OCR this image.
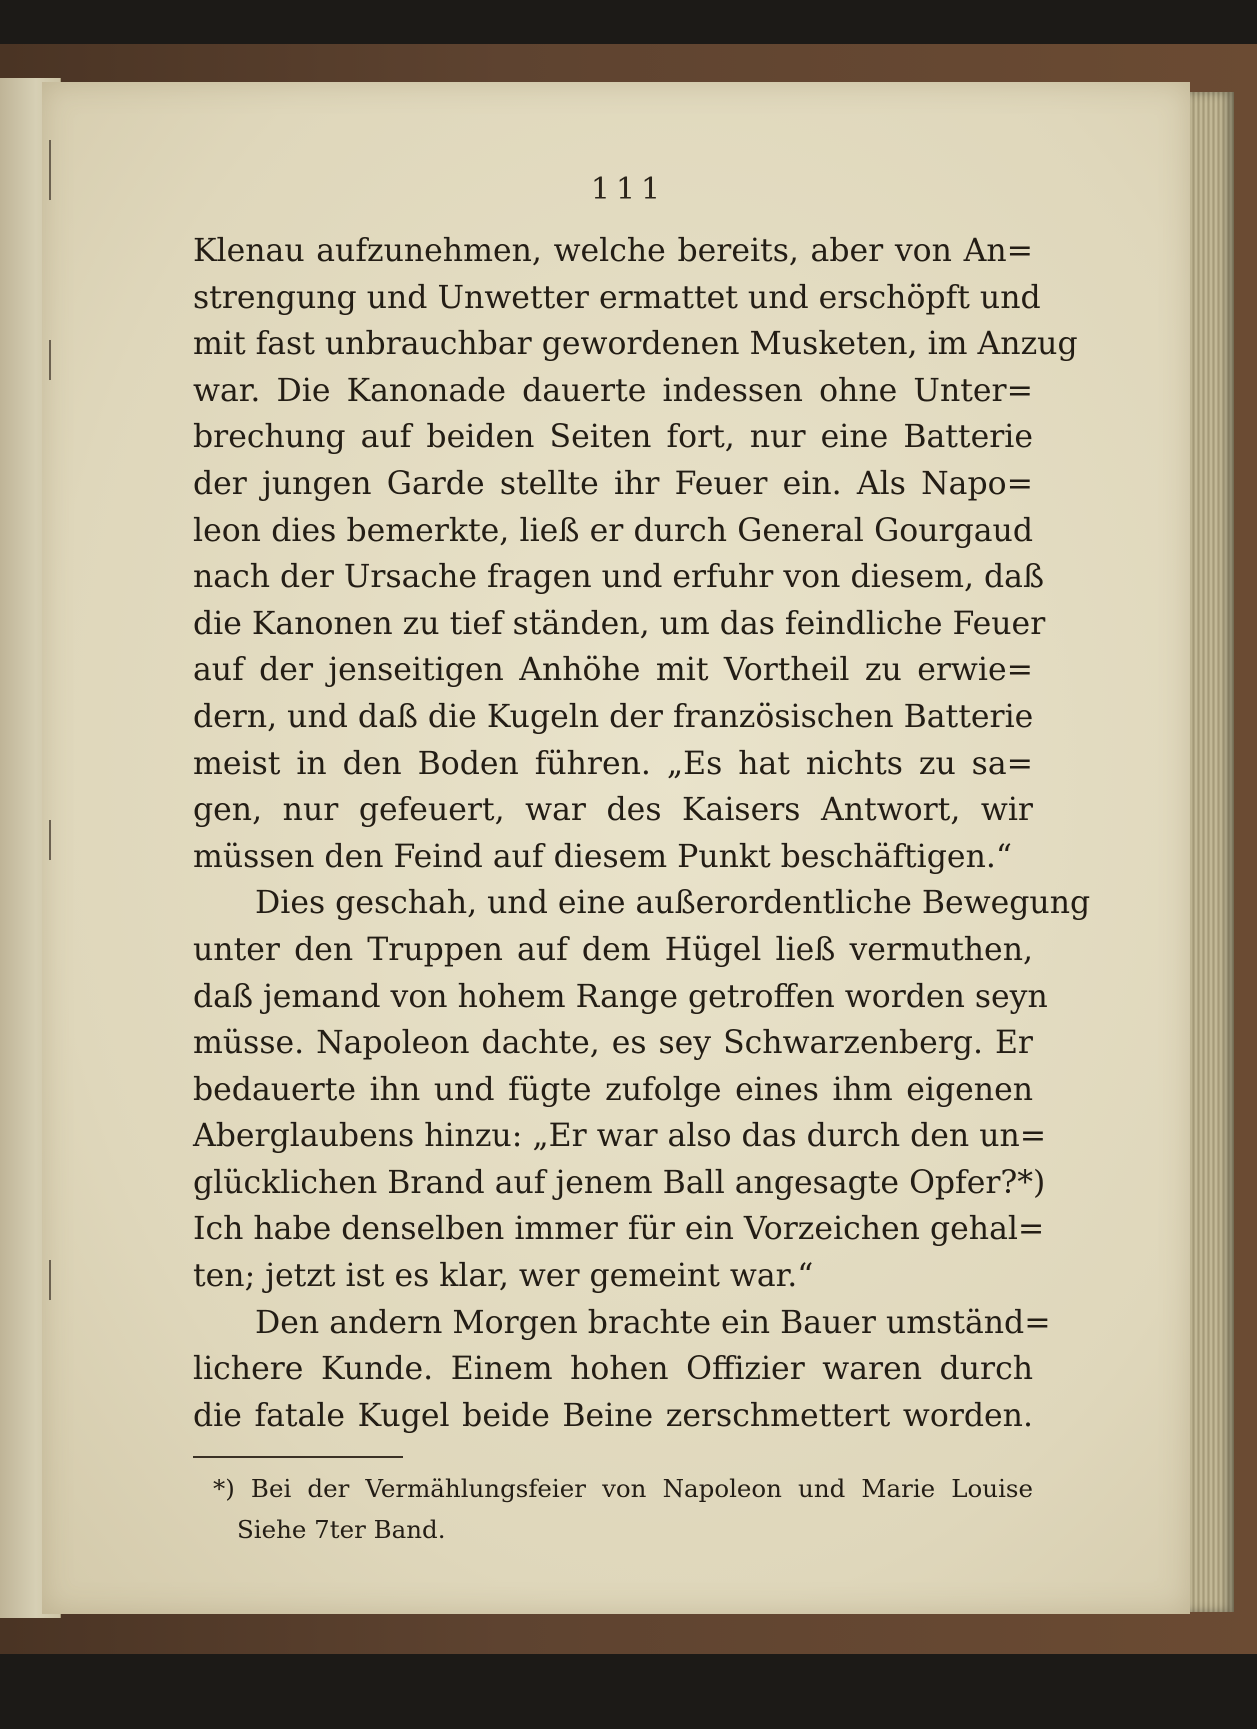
111
Klenau aufzunehmen, welche bereits, aber von An=
strengung und Unwetter ermattet und erschöpft und
mit fast unbrauchbar gewordenen Musketen, im Anzug
war. Die Kanonade dauerte indessen ohne Unter=
brechung auf beiden Seiten fort, nur eine Batterie
der jungen Garde stellte ihr Feuer ein. Als Napo=
leon dies bemerkte, ließ er durch General Gourgaud
nach der Ursache fragen und erfuhr von diesem, daß
die Kanonen zu tief ständen, um das feindliche Feuer
auf der jenseitigen Anhöhe mit Vortheil zu erwie=
dern, und daß die Kugeln der französischen Batterie
meist in den Boden führen. „Es hat nichts zu sa=
gen, nur gefeuert, war des Kaisers Antwort, wir
müssen den Feind auf diesem Punkt beschäftigen.“
Dies geschah, und eine außerordentliche Bewegung
unter den Truppen auf dem Hügel ließ vermuthen,
daß jemand von hohem Range getroffen worden seyn
müsse. Napoleon dachte, es sey Schwarzenberg. Er
bedauerte ihn und fügte zufolge eines ihm eigenen
Aberglaubens hinzu: „Er war also das durch den un=
glücklichen Brand auf jenem Ball angesagte Opfer?*)
Ich habe denselben immer für ein Vorzeichen gehal=
ten; jetzt ist es klar, wer gemeint war.“
Den andern Morgen brachte ein Bauer umständ=
lichere Kunde. Einem hohen Offizier waren durch
die fatale Kugel beide Beine zerschmettert worden.
*) Bei der Vermählungsfeier von Napoleon und Marie Louise
Siehe 7ter Band.
